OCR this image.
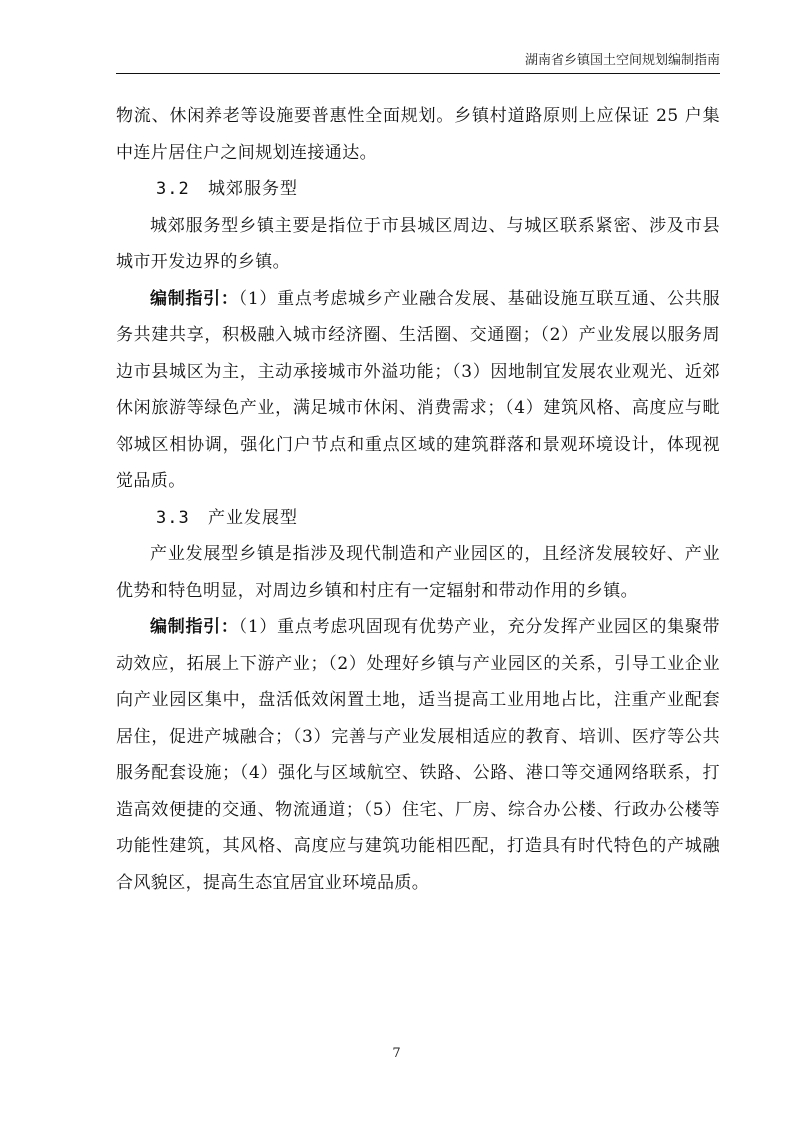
湖南省乡镇国土空间规划编制指南

物流、休闲养老等设施要普惠性全面规划。乡镇村道路原则上应保证 25 户集中连片居住户之间规划连接通达。

3.2 城郊服务型

城郊服务型乡镇主要是指位于市县城区周边、与城区联系紧密、涉及市县城市开发边界的乡镇。

编制指引：（1）重点考虑城乡产业融合发展、基础设施互联互通、公共服务共建共享，积极融入城市经济圈、生活圈、交通圈；（2）产业发展以服务周边市县城区为主，主动承接城市外溢功能；（3）因地制宜发展农业观光、近郊休闲旅游等绿色产业，满足城市休闲、消费需求；（4）建筑风格、高度应与毗邻城区相协调，强化门户节点和重点区域的建筑群落和景观环境设计，体现视觉品质。

3.3 产业发展型

产业发展型乡镇是指涉及现代制造和产业园区的，且经济发展较好、产业优势和特色明显，对周边乡镇和村庄有一定辐射和带动作用的乡镇。

编制指引：（1）重点考虑巩固现有优势产业，充分发挥产业园区的集聚带动效应，拓展上下游产业；（2）处理好乡镇与产业园区的关系，引导工业企业向产业园区集中，盘活低效闲置土地，适当提高工业用地占比，注重产业配套居住，促进产城融合；（3）完善与产业发展相适应的教育、培训、医疗等公共服务配套设施；（4）强化与区域航空、铁路、公路、港口等交通网络联系，打造高效便捷的交通、物流通道；（5）住宅、厂房、综合办公楼、行政办公楼等功能性建筑，其风格、高度应与建筑功能相匹配，打造具有时代特色的产城融合风貌区，提高生态宜居宜业环境品质。

7
